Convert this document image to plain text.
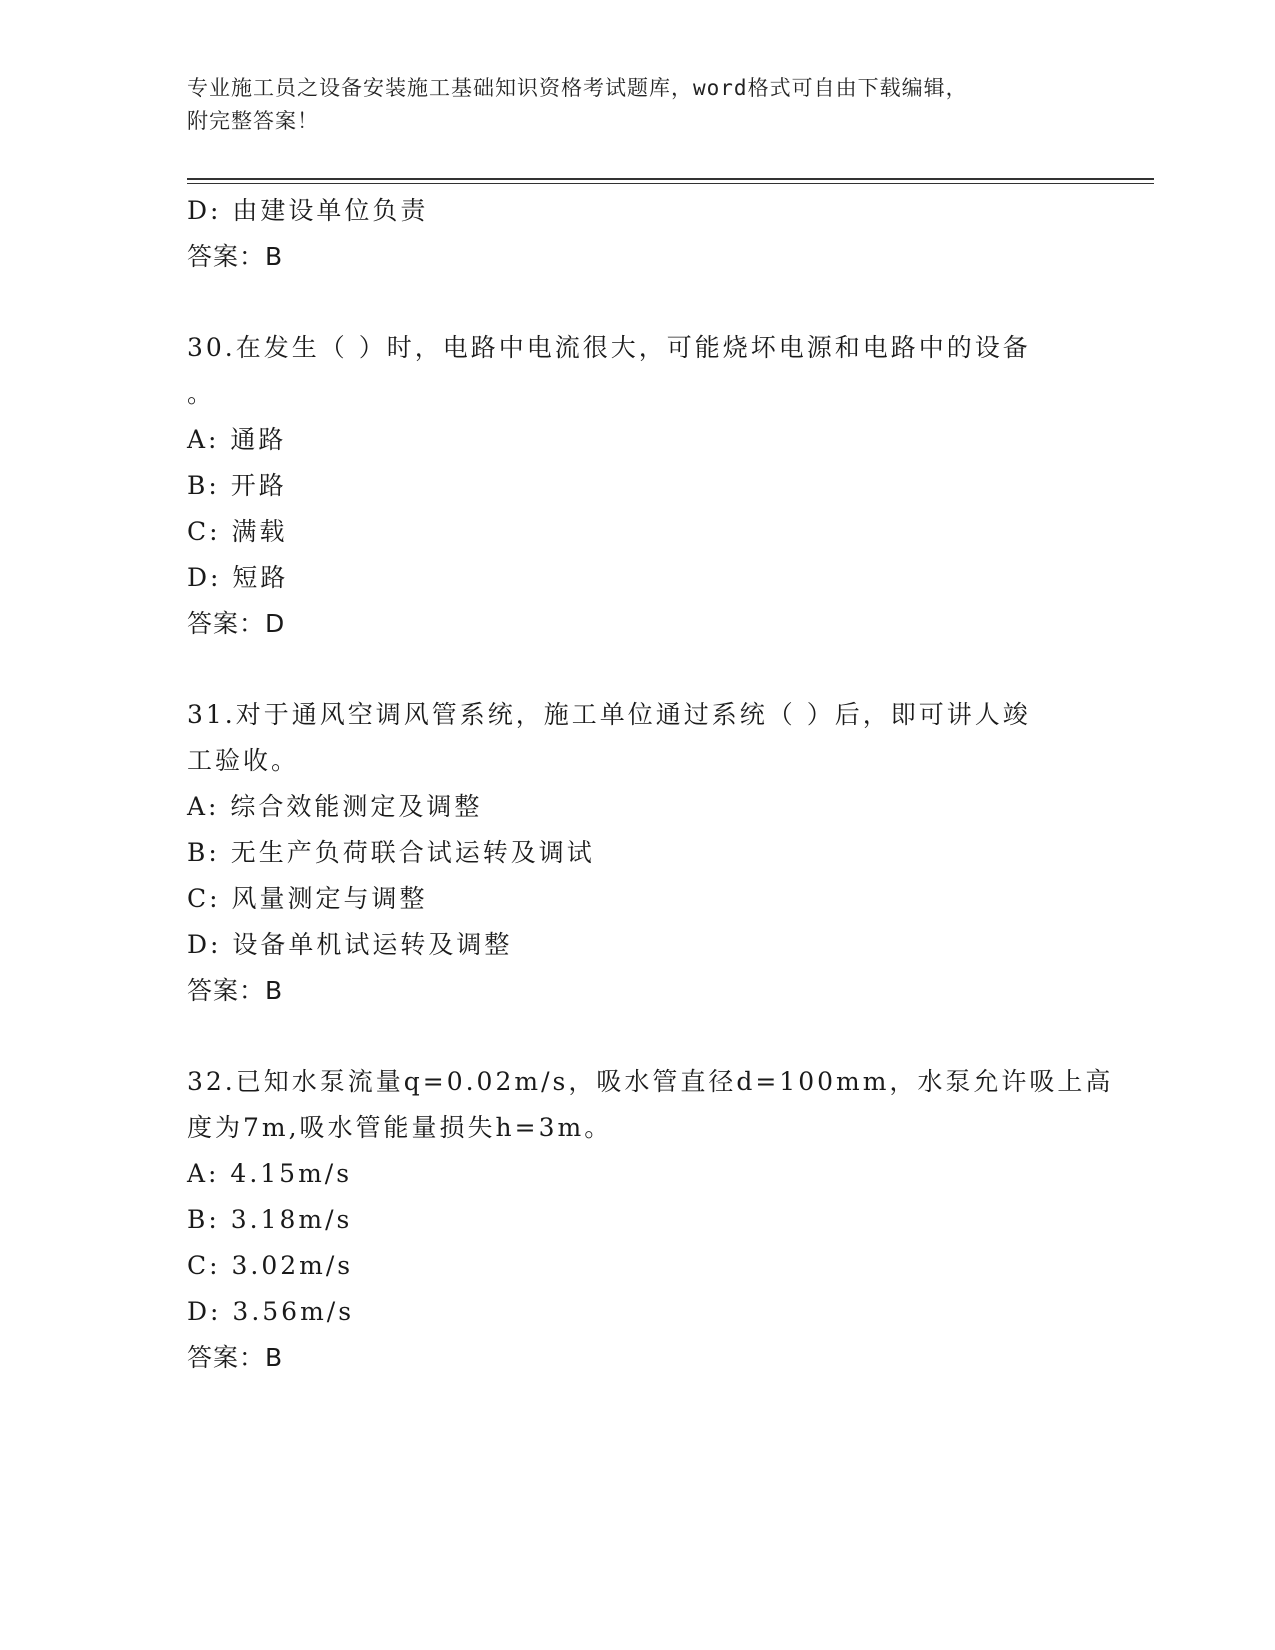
专业施工员之设备安装施工基础知识资格考试题库，word格式可自由下载编辑，
附完整答案！
D: 由建设单位负责
答案：B
30.在发生（ ）时，电路中电流很大，可能烧坏电源和电路中的设备
。
A: 通路
B: 开路
C: 满载
D: 短路
答案：D
31.对于通风空调风管系统，施工单位通过系统（ ）后，即可讲人竣
工验收。
A: 综合效能测定及调整
B: 无生产负荷联合试运转及调试
C: 风量测定与调整
D: 设备单机试运转及调整
答案：B
32.已知水泵流量q=0.02m/s，吸水管直径d=100mm，水泵允许吸上高
度为7m,吸水管能量损失h=3m。
A: 4.15m/s
B: 3.18m/s
C: 3.02m/s
D: 3.56m/s
答案：B
